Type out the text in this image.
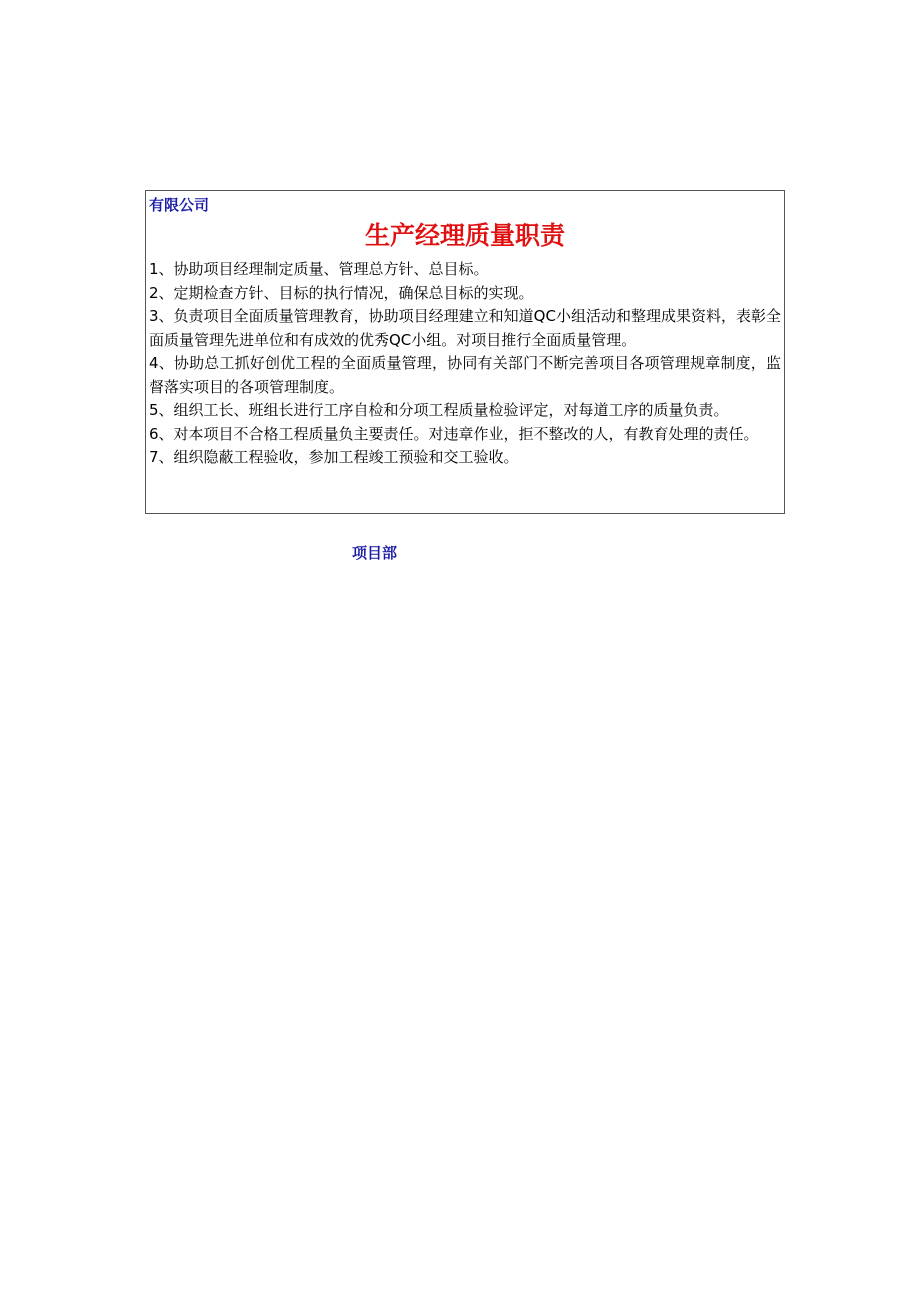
有限公司

生产经理质量职责
1、协助项目经理制定质量、管理总方针、总目标。
2、定期检查方针、目标的执行情况，确保总目标的实现。
3、负责项目全面质量管理教育，协助项目经理建立和知道QC小组活动和整理成果资料，表彰全面质量管理先进单位和有成效的优秀QC小组。对项目推行全面质量管理。
4、协助总工抓好创优工程的全面质量管理，协同有关部门不断完善项目各项管理规章制度，监督落实项目的各项管理制度。
5、组织工长、班组长进行工序自检和分项工程质量检验评定，对每道工序的质量负责。
6、对本项目不合格工程质量负主要责任。对违章作业，拒不整改的人，有教育处理的责任。
7、组织隐蔽工程验收，参加工程竣工预验和交工验收。

项目部
